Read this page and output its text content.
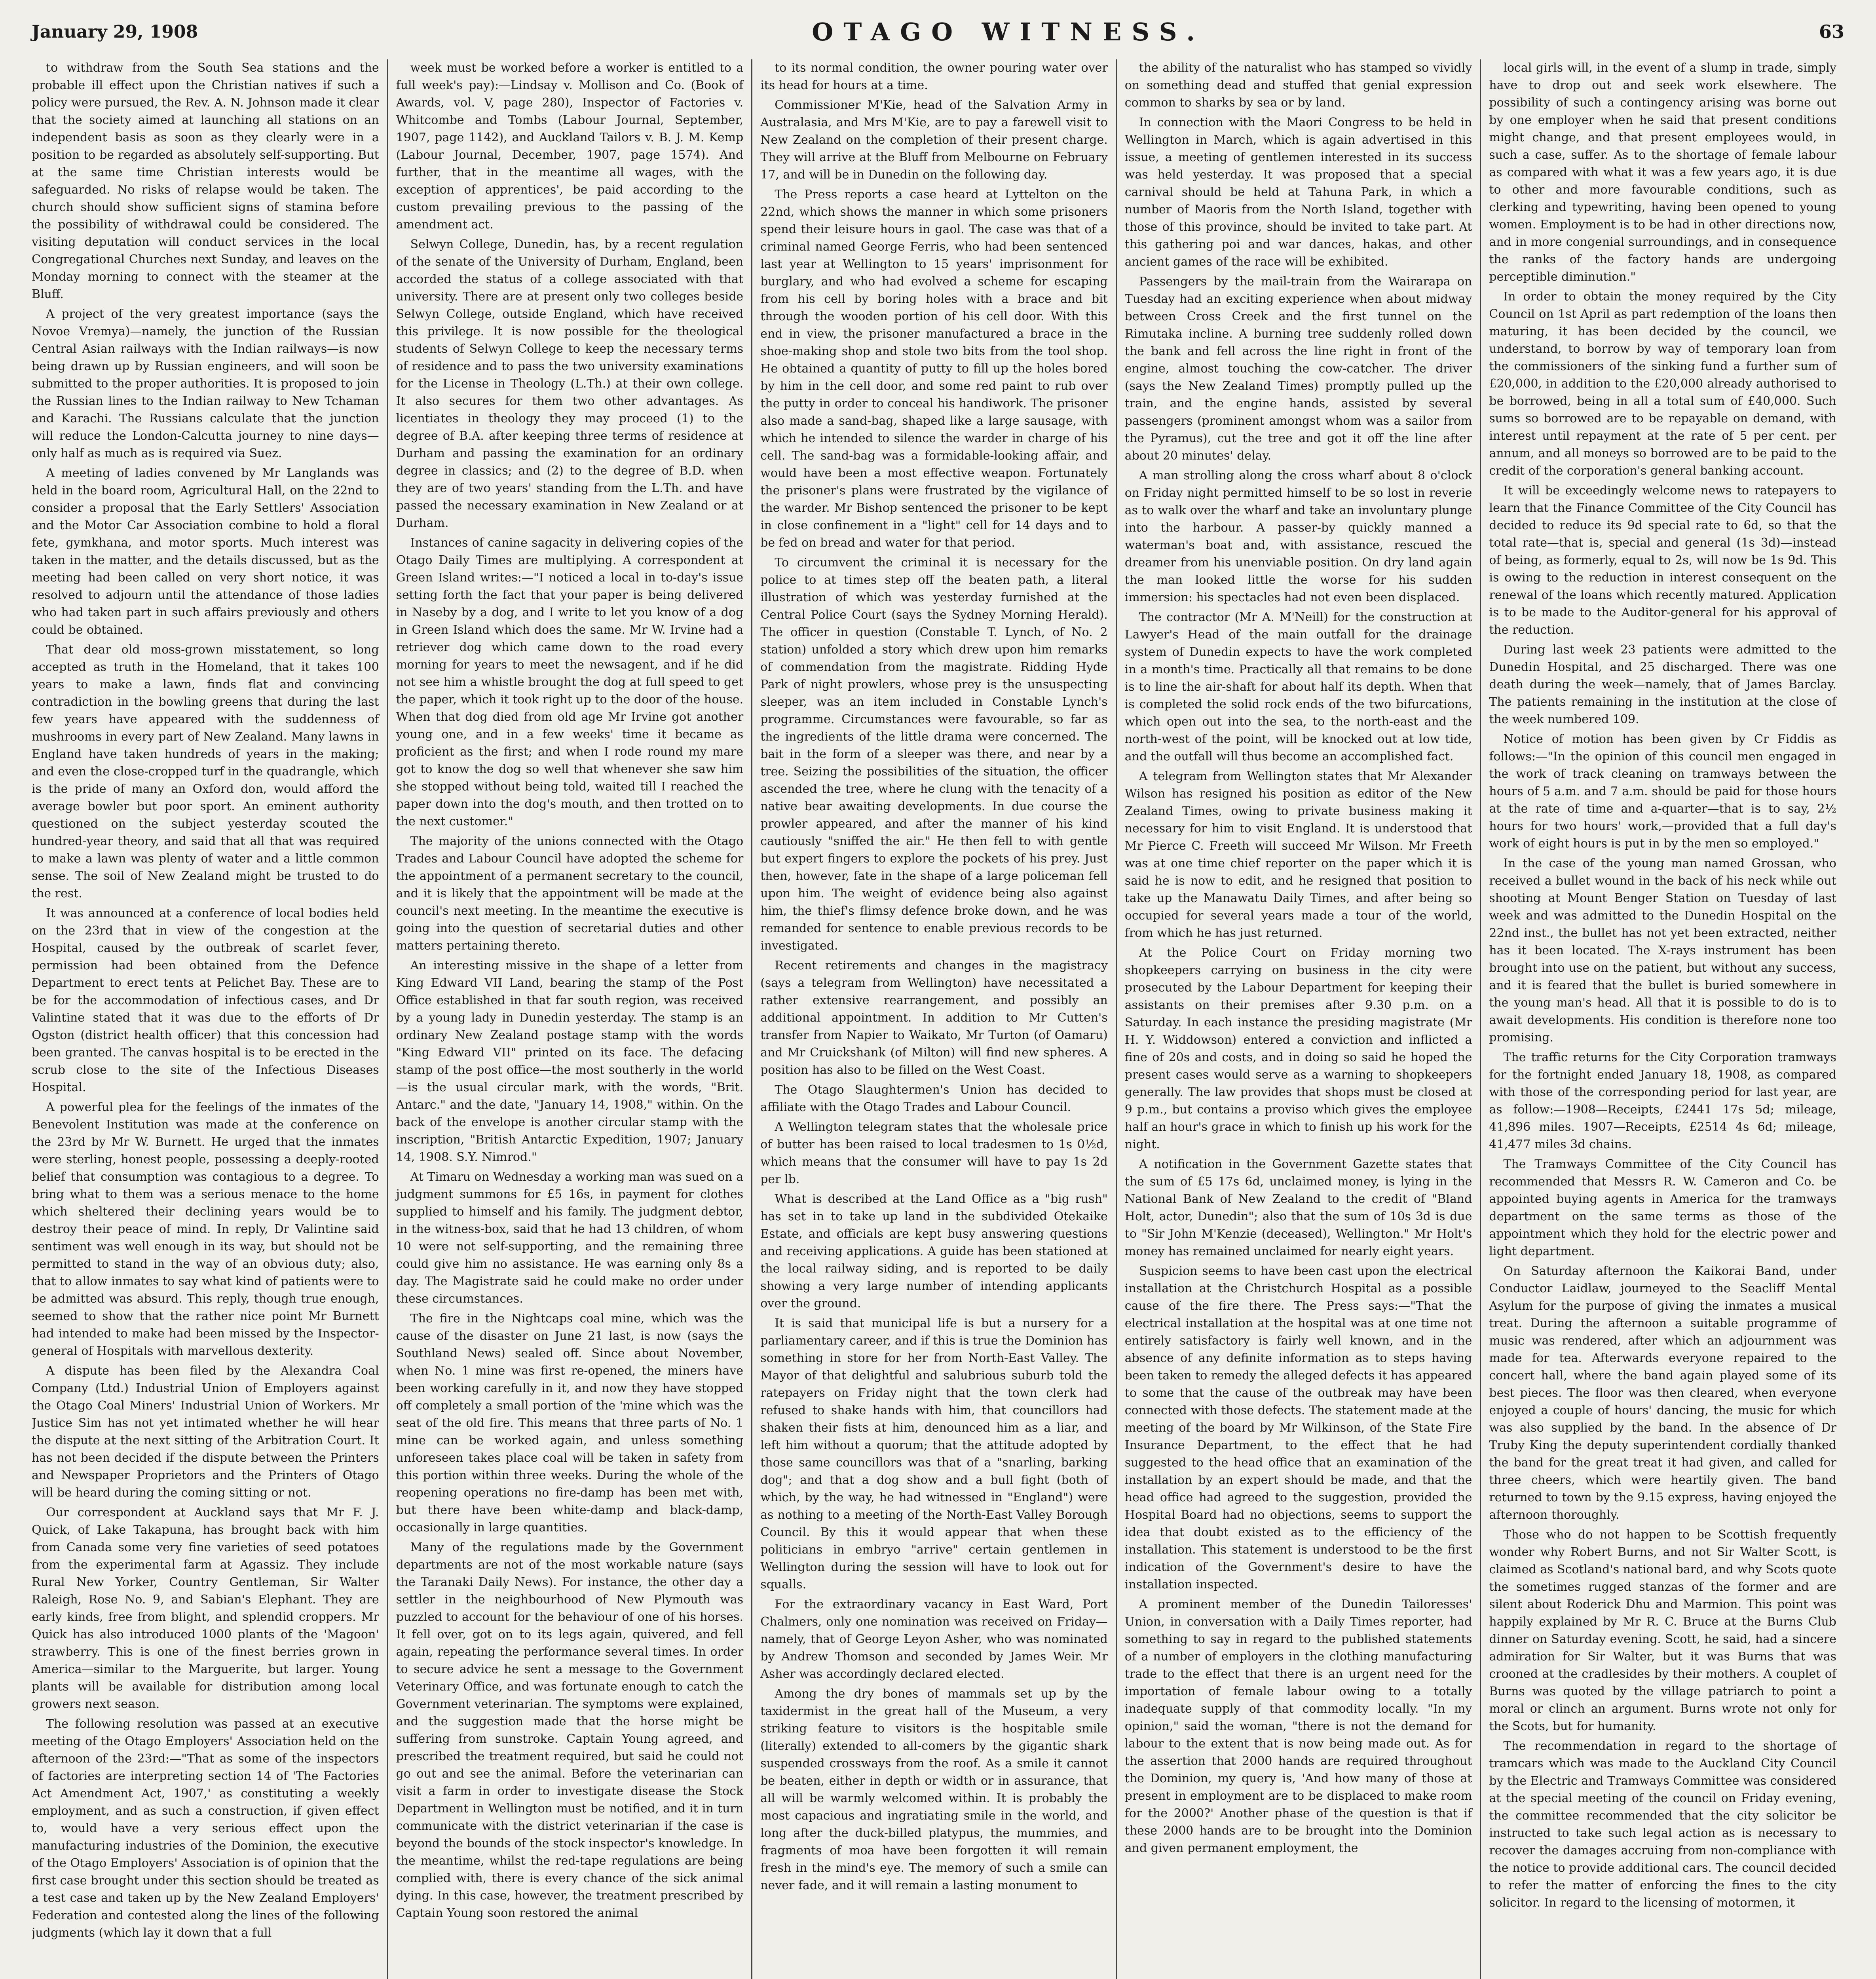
January 29, 1908	OTAGO WITNESS.	63

to withdraw from the South Sea stations and the probable ill effect upon the Christian natives if such a policy were pursued, the Rev. A. N. Johnson made it clear that the society aimed at launching all stations on an independent basis as soon as they clearly were in a position to be regarded as absolutely self-supporting. But at the same time Christian interests would be safeguarded. No risks of relapse would be taken. The church should show sufficient signs of stamina before the possibility of withdrawal could be considered. The visiting deputation will conduct services in the local Congregational Churches next Sunday, and leaves on the Monday morning to connect with the steamer at the Bluff.

A project of the very greatest importance (says the Novoe Vremya)—namely, the junction of the Russian Central Asian railways with the Indian railways—is now being drawn up by Russian engineers, and will soon be submitted to the proper authorities. It is proposed to join the Russian lines to the Indian railway to New Tchaman and Karachi. The Russians calculate that the junction will reduce the London-Calcutta journey to nine days—only half as much as is required via Suez.

A meeting of ladies convened by Mr Langlands was held in the board room, Agricultural Hall, on the 22nd to consider a proposal that the Early Settlers' Association and the Motor Car Association combine to hold a floral fete, gymkhana, and motor sports. Much interest was taken in the matter, and the details discussed, but as the meeting had been called on very short notice, it was resolved to adjourn until the attendance of those ladies who had taken part in such affairs previously and others could be obtained.

That dear old moss-grown misstatement, so long accepted as truth in the Homeland, that it takes 100 years to make a lawn, finds flat and convincing contradiction in the bowling greens that during the last few years have appeared with the suddenness of mushrooms in every part of New Zealand. Many lawns in England have taken hundreds of years in the making; and even the close-cropped turf in the quadrangle, which is the pride of many an Oxford don, would afford the average bowler but poor sport. An eminent authority questioned on the subject yesterday scouted the hundred-year theory, and said that all that was required to make a lawn was plenty of water and a little common sense. The soil of New Zealand might be trusted to do the rest.

It was announced at a conference of local bodies held on the 23rd that in view of the congestion at the Hospital, caused by the outbreak of scarlet fever, permission had been obtained from the Defence Department to erect tents at Pelichet Bay. These are to be for the accommodation of infectious cases, and Dr Valintine stated that it was due to the efforts of Dr Ogston (district health officer) that this concession had been granted. The canvas hospital is to be erected in the scrub close to the site of the Infectious Diseases Hospital.

A powerful plea for the feelings of the inmates of the Benevolent Institution was made at the conference on the 23rd by Mr W. Burnett. He urged that the inmates were sterling, honest people, possessing a deeply-rooted belief that consumption was contagious to a degree. To bring what to them was a serious menace to the home which sheltered their declining years would be to destroy their peace of mind. In reply, Dr Valintine said sentiment was well enough in its way, but should not be permitted to stand in the way of an obvious duty; also, that to allow inmates to say what kind of patients were to be admitted was absurd. This reply, though true enough, seemed to show that the rather nice point Mr Burnett had intended to make had been missed by the Inspector-general of Hospitals with marvellous dexterity.

A dispute has been filed by the Alexandra Coal Company (Ltd.) Industrial Union of Employers against the Otago Coal Miners' Industrial Union of Workers. Mr Justice Sim has not yet intimated whether he will hear the dispute at the next sitting of the Arbitration Court. It has not been decided if the dispute between the Printers and Newspaper Proprietors and the Printers of Otago will be heard during the coming sitting or not.

Our correspondent at Auckland says that Mr F. J. Quick, of Lake Takapuna, has brought back with him from Canada some very fine varieties of seed potatoes from the experimental farm at Agassiz. They include Rural New Yorker, Country Gentleman, Sir Walter Raleigh, Rose No. 9, and Sabian's Elephant. They are early kinds, free from blight, and splendid croppers. Mr Quick has also introduced 1000 plants of the 'Magoon' strawberry. This is one of the finest berries grown in America—similar to the Marguerite, but larger. Young plants will be available for distribution among local growers next season.

The following resolution was passed at an executive meeting of the Otago Employers' Association held on the afternoon of the 23rd:—"That as some of the inspectors of factories are interpreting section 14 of 'The Factories Act Amendment Act, 1907,' as constituting a weekly employment, and as such a construction, if given effect to, would have a very serious effect upon the manufacturing industries of the Dominion, the executive of the Otago Employers' Association is of opinion that the first case brought under this section should be treated as a test case and taken up by the New Zealand Employers' Federation and contested along the lines of the following judgments (which lay it down that a full

week must be worked before a worker is entitled to a full week's pay):—Lindsay v. Mollison and Co. (Book of Awards, vol. V, page 280), Inspector of Factories v. Whitcombe and Tombs (Labour Journal, September, 1907, page 1142), and Auckland Tailors v. B. J. M. Kemp (Labour Journal, December, 1907, page 1574). And further, that in the meantime all wages, with the exception of apprentices', be paid according to the custom prevailing previous to the passing of the amendment act.

Selwyn College, Dunedin, has, by a recent regulation of the senate of the University of Durham, England, been accorded the status of a college associated with that university. There are at present only two colleges beside Selwyn College, outside England, which have received this privilege. It is now possible for the theological students of Selwyn College to keep the necessary terms of residence and to pass the two university examinations for the License in Theology (L.Th.) at their own college. It also secures for them two other advantages. As licentiates in theology they may proceed (1) to the degree of B.A. after keeping three terms of residence at Durham and passing the examination for an ordinary degree in classics; and (2) to the degree of B.D. when they are of two years' standing from the L.Th. and have passed the necessary examination in New Zealand or at Durham.

Instances of canine sagacity in delivering copies of the Otago Daily Times are multiplying. A correspondent at Green Island writes:—"I noticed a local in to-day's issue setting forth the fact that your paper is being delivered in Naseby by a dog, and I write to let you know of a dog in Green Island which does the same. Mr W. Irvine had a retriever dog which came down to the road every morning for years to meet the newsagent, and if he did not see him a whistle brought the dog at full speed to get the paper, which it took right up to the door of the house. When that dog died from old age Mr Irvine got another young one, and in a few weeks' time it became as proficient as the first; and when I rode round my mare got to know the dog so well that whenever she saw him she stopped without being told, waited till I reached the paper down into the dog's mouth, and then trotted on to the next customer."

The majority of the unions connected with the Otago Trades and Labour Council have adopted the scheme for the appointment of a permanent secretary to the council, and it is likely that the appointment will be made at the council's next meeting. In the meantime the executive is going into the question of secretarial duties and other matters pertaining thereto.

An interesting missive in the shape of a letter from King Edward VII Land, bearing the stamp of the Post Office established in that far south region, was received by a young lady in Dunedin yesterday. The stamp is an ordinary New Zealand postage stamp with the words "King Edward VII" printed on its face. The defacing stamp of the post office—the most southerly in the world—is the usual circular mark, with the words, "Brit. Antarc." and the date, "January 14, 1908," within. On the back of the envelope is another circular stamp with the inscription, "British Antarctic Expedition, 1907; January 14, 1908. S.Y. Nimrod."

At Timaru on Wednesday a working man was sued on a judgment summons for £5 16s, in payment for clothes supplied to himself and his family. The judgment debtor, in the witness-box, said that he had 13 children, of whom 10 were not self-supporting, and the remaining three could give him no assistance. He was earning only 8s a day. The Magistrate said he could make no order under these circumstances.

The fire in the Nightcaps coal mine, which was the cause of the disaster on June 21 last, is now (says the Southland News) sealed off. Since about November, when No. 1 mine was first re-opened, the miners have been working carefully in it, and now they have stopped off completely a small portion of the 'mine which was the seat of the old fire. This means that three parts of No. 1 mine can be worked again, and unless something unforeseen takes place coal will be taken in safety from this portion within three weeks. During the whole of the reopening operations no fire-damp has been met with, but there have been white-damp and black-damp, occasionally in large quantities.

Many of the regulations made by the Government departments are not of the most workable nature (says the Taranaki Daily News). For instance, the other day a settler in the neighbourhood of New Plymouth was puzzled to account for the behaviour of one of his horses. It fell over, got on to its legs again, quivered, and fell again, repeating the performance several times. In order to secure advice he sent a message to the Government Veterinary Office, and was fortunate enough to catch the Government veterinarian. The symptoms were explained, and the suggestion made that the horse might be suffering from sunstroke. Captain Young agreed, and prescribed the treatment required, but said he could not go out and see the animal. Before the veterinarian can visit a farm in order to investigate disease the Stock Department in Wellington must be notified, and it in turn communicate with the district veterinarian if the case is beyond the bounds of the stock inspector's knowledge. In the meantime, whilst the red-tape regulations are being complied with, there is every chance of the sick animal dying. In this case, however, the treatment prescribed by Captain Young soon restored the animal

to its normal condition, the owner pouring water over its head for hours at a time.

Commissioner M'Kie, head of the Salvation Army in Australasia, and Mrs M'Kie, are to pay a farewell visit to New Zealand on the completion of their present charge. They will arrive at the Bluff from Melbourne on February 17, and will be in Dunedin on the following day.

The Press reports a case heard at Lyttelton on the 22nd, which shows the manner in which some prisoners spend their leisure hours in gaol. The case was that of a criminal named George Ferris, who had been sentenced last year at Wellington to 15 years' imprisonment for burglary, and who had evolved a scheme for escaping from his cell by boring holes with a brace and bit through the wooden portion of his cell door. With this end in view, the prisoner manufactured a brace in the shoe-making shop and stole two bits from the tool shop. He obtained a quantity of putty to fill up the holes bored by him in the cell door, and some red paint to rub over the putty in order to conceal his handiwork. The prisoner also made a sand-bag, shaped like a large sausage, with which he intended to silence the warder in charge of his cell. The sand-bag was a formidable-looking affair, and would have been a most effective weapon. Fortunately the prisoner's plans were frustrated by the vigilance of the warder. Mr Bishop sentenced the prisoner to be kept in close confinement in a "light" cell for 14 days and to be fed on bread and water for that period.

To circumvent the criminal it is necessary for the police to at times step off the beaten path, a literal illustration of which was yesterday furnished at the Central Police Court (says the Sydney Morning Herald). The officer in question (Constable T. Lynch, of No. 2 station) unfolded a story which drew upon him remarks of commendation from the magistrate. Ridding Hyde Park of night prowlers, whose prey is the unsuspecting sleeper, was an item included in Constable Lynch's programme. Circumstances were favourable, so far as the ingredients of the little drama were concerned. The bait in the form of a sleeper was there, and near by a tree. Seizing the possibilities of the situation, the officer ascended the tree, where he clung with the tenacity of a native bear awaiting developments. In due course the prowler appeared, and after the manner of his kind cautiously "sniffed the air." He then fell to with gentle but expert fingers to explore the pockets of his prey. Just then, however, fate in the shape of a large policeman fell upon him. The weight of evidence being also against him, the thief's flimsy defence broke down, and he was remanded for sentence to enable previous records to be investigated.

Recent retirements and changes in the magistracy (says a telegram from Wellington) have necessitated a rather extensive rearrangement, and possibly an additional appointment. In addition to Mr Cutten's transfer from Napier to Waikato, Mr Turton (of Oamaru) and Mr Cruickshank (of Milton) will find new spheres. A position has also to be filled on the West Coast.

The Otago Slaughtermen's Union has decided to affiliate with the Otago Trades and Labour Council.

A Wellington telegram states that the wholesale price of butter has been raised to local tradesmen to 1s 0½d, which means that the consumer will have to pay 1s 2d per lb.

What is described at the Land Office as a "big rush" has set in to take up land in the subdivided Otekaike Estate, and officials are kept busy answering questions and receiving applications. A guide has been stationed at the local railway siding, and is reported to be daily showing a very large number of intending applicants over the ground.

It is said that municipal life is but a nursery for a parliamentary career, and if this is true the Dominion has something in store for her from North-East Valley. The Mayor of that delightful and salubrious suburb told the ratepayers on Friday night that the town clerk had refused to shake hands with him, that councillors had shaken their fists at him, denounced him as a liar, and left him without a quorum; that the attitude adopted by those same councillors was that of a "snarling, barking dog"; and that a dog show and a bull fight (both of which, by the way, he had witnessed in "England") were as nothing to a meeting of the North-East Valley Borough Council. By this it would appear that when these politicians in embryo "arrive" certain gentlemen in Wellington during the session will have to look out for squalls.

For the extraordinary vacancy in East Ward, Port Chalmers, only one nomination was received on Friday—namely, that of George Leyon Asher, who was nominated by Andrew Thomson and seconded by James Weir. Mr Asher was accordingly declared elected.

Among the dry bones of mammals set up by the taxidermist in the great hall of the Museum, a very striking feature to visitors is the hospitable smile (literally) extended to all-comers by the gigantic shark suspended crossways from the roof. As a smile it cannot be beaten, either in depth or width or in assurance, that all will be warmly welcomed within. It is probably the most capacious and ingratiating smile in the world, and long after the duck-billed platypus, the mummies, and fragments of moa have been forgotten it will remain fresh in the mind's eye. The memory of such a smile can never fade, and it will remain a lasting monument to

the ability of the naturalist who has stamped so vividly on something dead and stuffed that genial expression common to sharks by sea or by land.

In connection with the Maori Congress to be held in Wellington in March, which is again advertised in this issue, a meeting of gentlemen interested in its success was held yesterday. It was proposed that a special carnival should be held at Tahuna Park, in which a number of Maoris from the North Island, together with those of this province, should be invited to take part. At this gathering poi and war dances, hakas, and other ancient games of the race will be exhibited.

Passengers by the mail-train from the Wairarapa on Tuesday had an exciting experience when about midway between Cross Creek and the first tunnel on the Rimutaka incline. A burning tree suddenly rolled down the bank and fell across the line right in front of the engine, almost touching the cow-catcher. The driver (says the New Zealand Times) promptly pulled up the train, and the engine hands, assisted by several passengers (prominent amongst whom was a sailor from the Pyramus), cut the tree and got it off the line after about 20 minutes' delay.

A man strolling along the cross wharf about 8 o'clock on Friday night permitted himself to be so lost in reverie as to walk over the wharf and take an involuntary plunge into the harbour. A passer-by quickly manned a waterman's boat and, with assistance, rescued the dreamer from his unenviable position. On dry land again the man looked little the worse for his sudden immersion: his spectacles had not even been displaced.

The contractor (Mr A. M'Neill) for the construction at Lawyer's Head of the main outfall for the drainage system of Dunedin expects to have the work completed in a month's time. Practically all that remains to be done is to line the air-shaft for about half its depth. When that is completed the solid rock ends of the two bifurcations, which open out into the sea, to the north-east and the north-west of the point, will be knocked out at low tide, and the outfall will thus become an accomplished fact.

A telegram from Wellington states that Mr Alexander Wilson has resigned his position as editor of the New Zealand Times, owing to private business making it necessary for him to visit England. It is understood that Mr Pierce C. Freeth will succeed Mr Wilson. Mr Freeth was at one time chief reporter on the paper which it is said he is now to edit, and he resigned that position to take up the Manawatu Daily Times, and after being so occupied for several years made a tour of the world, from which he has just returned.

At the Police Court on Friday morning two shopkeepers carrying on business in the city were prosecuted by the Labour Department for keeping their assistants on their premises after 9.30 p.m. on a Saturday. In each instance the presiding magistrate (Mr H. Y. Widdowson) entered a conviction and inflicted a fine of 20s and costs, and in doing so said he hoped the present cases would serve as a warning to shopkeepers generally. The law provides that shops must be closed at 9 p.m., but contains a proviso which gives the employee half an hour's grace in which to finish up his work for the night.

A notification in the Government Gazette states that the sum of £5 17s 6d, unclaimed money, is lying in the National Bank of New Zealand to the credit of "Bland Holt, actor, Dunedin"; also that the sum of 10s 3d is due to "Sir John M'Kenzie (deceased), Wellington." Mr Holt's money has remained unclaimed for nearly eight years.

Suspicion seems to have been cast upon the electrical installation at the Christchurch Hospital as a possible cause of the fire there. The Press says:—"That the electrical installation at the hospital was at one time not entirely satisfactory is fairly well known, and in the absence of any definite information as to steps having been taken to remedy the alleged defects it has appeared to some that the cause of the outbreak may have been connected with those defects. The statement made at the meeting of the board by Mr Wilkinson, of the State Fire Insurance Department, to the effect that he had suggested to the head office that an examination of the installation by an expert should be made, and that the head office had agreed to the suggestion, provided the Hospital Board had no objections, seems to support the idea that doubt existed as to the efficiency of the installation. This statement is understood to be the first indication of the Government's desire to have the installation inspected.

A prominent member of the Dunedin Tailoresses' Union, in conversation with a Daily Times reporter, had something to say in regard to the published statements of a number of employers in the clothing manufacturing trade to the effect that there is an urgent need for the importation of female labour owing to a totally inadequate supply of that commodity locally. "In my opinion," said the woman, "there is not the demand for labour to the extent that is now being made out. As for the assertion that 2000 hands are required throughout the Dominion, my query is, 'And how many of those at present in employment are to be displaced to make room for the 2000?' Another phase of the question is that if these 2000 hands are to be brought into the Dominion and given permanent employment, the

local girls will, in the event of a slump in trade, simply have to drop out and seek work elsewhere. The possibility of such a contingency arising was borne out by one employer when he said that present conditions might change, and that present employees would, in such a case, suffer. As to the shortage of female labour as compared with what it was a few years ago, it is due to other and more favourable conditions, such as clerking and typewriting, having been opened to young women. Employment is to be had in other directions now, and in more congenial surroundings, and in consequence the ranks of the factory hands are undergoing perceptible diminution."

In order to obtain the money required by the City Council on 1st April as part redemption of the loans then maturing, it has been decided by the council, we understand, to borrow by way of temporary loan from the commissioners of the sinking fund a further sum of £20,000, in addition to the £20,000 already authorised to be borrowed, being in all a total sum of £40,000. Such sums so borrowed are to be repayable on demand, with interest until repayment at the rate of 5 per cent. per annum, and all moneys so borrowed are to be paid to the credit of the corporation's general banking account.

It will be exceedingly welcome news to ratepayers to learn that the Finance Committee of the City Council has decided to reduce its 9d special rate to 6d, so that the total rate—that is, special and general (1s 3d)—instead of being, as formerly, equal to 2s, will now be 1s 9d. This is owing to the reduction in interest consequent on the renewal of the loans which recently matured. Application is to be made to the Auditor-general for his approval of the reduction.

During last week 23 patients were admitted to the Dunedin Hospital, and 25 discharged. There was one death during the week—namely, that of James Barclay. The patients remaining in the institution at the close of the week numbered 109.

Notice of motion has been given by Cr Fiddis as follows:—"In the opinion of this council men engaged in the work of track cleaning on tramways between the hours of 5 a.m. and 7 a.m. should be paid for those hours at the rate of time and a-quarter—that is to say, 2½ hours for two hours' work,—provided that a full day's work of eight hours is put in by the men so employed."

In the case of the young man named Grossan, who received a bullet wound in the back of his neck while out shooting at Mount Benger Station on Tuesday of last week and was admitted to the Dunedin Hospital on the 22nd inst., the bullet has not yet been extracted, neither has it been located. The X-rays instrument has been brought into use on the patient, but without any success, and it is feared that the bullet is buried somewhere in the young man's head. All that it is possible to do is to await developments. His condition is therefore none too promising.

The traffic returns for the City Corporation tramways for the fortnight ended January 18, 1908, as compared with those of the corresponding period for last year, are as follow:—1908—Receipts, £2441 17s 5d; mileage, 41,896 miles. 1907—Receipts, £2514 4s 6d; mileage, 41,477 miles 3d chains.

The Tramways Committee of the City Council has recommended that Messrs R. W. Cameron and Co. be appointed buying agents in America for the tramways department on the same terms as those of the appointment which they hold for the electric power and light department.

On Saturday afternoon the Kaikorai Band, under Conductor Laidlaw, journeyed to the Seacliff Mental Asylum for the purpose of giving the inmates a musical treat. During the afternoon a suitable programme of music was rendered, after which an adjournment was made for tea. Afterwards everyone repaired to the concert hall, where the band again played some of its best pieces. The floor was then cleared, when everyone enjoyed a couple of hours' dancing, the music for which was also supplied by the band. In the absence of Dr Truby King the deputy superintendent cordially thanked the band for the great treat it had given, and called for three cheers, which were heartily given. The band returned to town by the 9.15 express, having enjoyed the afternoon thoroughly.

Those who do not happen to be Scottish frequently wonder why Robert Burns, and not Sir Walter Scott, is claimed as Scotland's national bard, and why Scots quote the sometimes rugged stanzas of the former and are silent about Roderick Dhu and Marmion. This point was happily explained by Mr R. C. Bruce at the Burns Club dinner on Saturday evening. Scott, he said, had a sincere admiration for Sir Walter, but it was Burns that was crooned at the cradlesides by their mothers. A couplet of Burns was quoted by the village patriarch to point a moral or clinch an argument. Burns wrote not only for the Scots, but for humanity.

The recommendation in regard to the shortage of tramcars which was made to the Auckland City Council by the Electric and Tramways Committee was considered at the special meeting of the council on Friday evening, the committee recommended that the city solicitor be instructed to take such legal action as is necessary to recover the damages accruing from non-compliance with the notice to provide additional cars. The council decided to refer the matter of enforcing the fines to the city solicitor. In regard to the licensing of motormen, it
